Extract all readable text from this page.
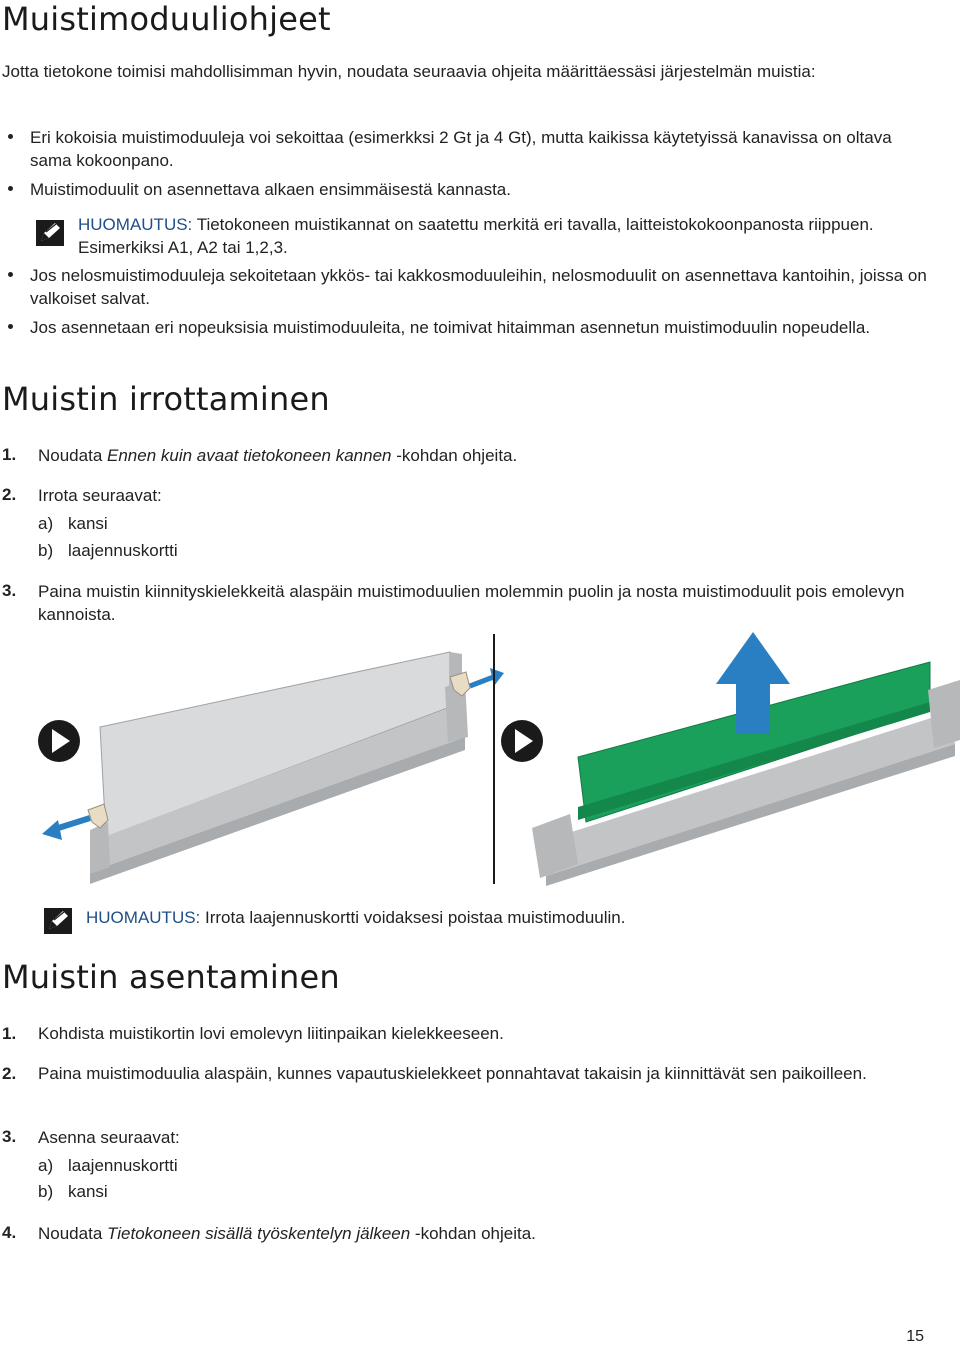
Muistimoduuliohjeet
Jotta tietokone toimisi mahdollisimman hyvin, noudata seuraavia ohjeita määrittäessäsi järjestelmän muistia:
Eri kokoisia muistimoduuleja voi sekoittaa (esimerkksi 2 Gt ja 4 Gt), mutta kaikissa käytetyissä kanavissa on oltava sama kokoonpano.
Muistimoduulit on asennettava alkaen ensimmäisestä kannasta.
HUOMAUTUS: Tietokoneen muistikannat on saatettu merkitä eri tavalla, laitteistokokoonpanosta riippuen. Esimerkiksi A1, A2 tai 1,2,3.
Jos nelosmuistimoduuleja sekoitetaan ykkös- tai kakkosmoduuleihin, nelosmoduulit on asennettava kantoihin, joissa on valkoiset salvat.
Jos asennetaan eri nopeuksisia muistimoduuleita, ne toimivat hitaimman asennetun muistimoduulin nopeudella.
Muistin irrottaminen
1. Noudata Ennen kuin avaat tietokoneen kannen -kohdan ohjeita.
2. Irrota seuraavat:
a) kansi
b) laajennuskortti
3. Paina muistin kiinnityskielekkeitä alaspäin muistimoduulien molemmin puolin ja nosta muistimoduulit pois emolevyn kannoista.
HUOMAUTUS: Irrota laajennuskortti voidaksesi poistaa muistimoduulin.
Muistin asentaminen
1. Kohdista muistikortin lovi emolevyn liitinpaikan kielekkeeseen.
2. Paina muistimoduulia alaspäin, kunnes vapautuskielekkeet ponnahtavat takaisin ja kiinnittävät sen paikoilleen.
3. Asenna seuraavat:
a) laajennuskortti
b) kansi
4. Noudata Tietokoneen sisällä työskentelyn jälkeen -kohdan ohjeita.
15
